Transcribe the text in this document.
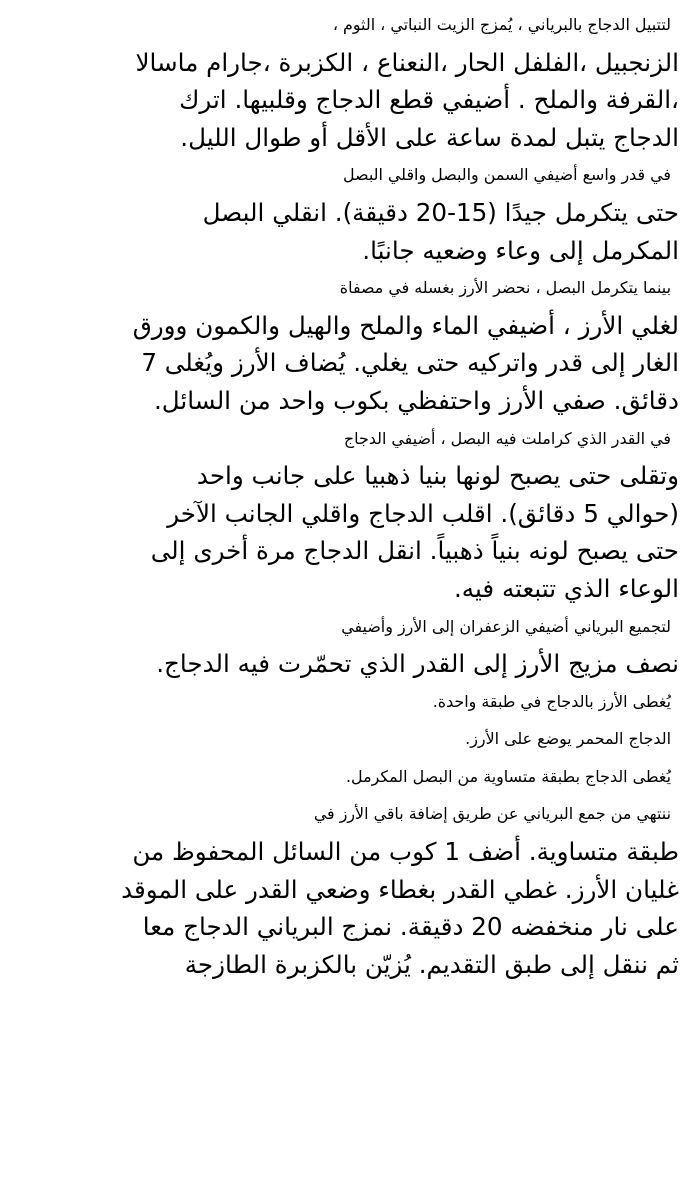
لتتبيل الدجاج بالبرياني ، يُمزج الزيت النباتي ، الثوم ،
الزنجبيل ،الفلفل الحار ،النعناع ، الكزبرة ،جارام ماسالا
،القرفة والملح . أضيفي قطع الدجاج وقلبيها. اترك
الدجاج يتبل لمدة ساعة على الأقل أو طوال الليل.

في قدر واسع أضيفي السمن والبصل واقلي البصل
حتى يتكرمل جيدًا (15-20 دقيقة). انقلي البصل
المكرمل إلى وعاء وضعيه جانبًا.

بينما يتكرمل البصل ، نحضر الأرز بغسله في مصفاة
لغلي الأرز ، أضيفي الماء والملح والهيل والكمون وورق
الغار إلى قدر واتركيه حتى يغلي. يُضاف الأرز ويُغلى 7
دقائق. صفي الأرز واحتفظي بكوب واحد من السائل.

في القدر الذي كراملت فيه البصل ، أضيفي الدجاج
وتقلى حتى يصبح لونها بنيا ذهبيا على جانب واحد
(حوالي 5 دقائق). اقلب الدجاج واقلي الجانب الآخر
حتى يصبح لونه بنياً ذهبياً. انقل الدجاج مرة أخرى إلى
الوعاء الذي تتبعته فيه.

لتجميع البرياني أضيفي الزعفران إلى الأرز وأضيفي
نصف مزيج الأرز إلى القدر الذي تحمّرت فيه الدجاج.

يُغطى الأرز بالدجاج في طبقة واحدة.

الدجاج المحمر يوضع على الأرز.

يُغطى الدجاج بطبقة متساوية من البصل المكرمل.

ننتهي من جمع البرياني عن طريق إضافة باقي الأرز في
طبقة متساوية. أضف 1 كوب من السائل المحفوظ من
غليان الأرز. غطي القدر بغطاء وضعي القدر على الموقد
على نار منخفضه 20 دقيقة. نمزج البرياني الدجاج معا
ثم ننقل إلى طبق التقديم. يُزيّن بالكزبرة الطازجة
